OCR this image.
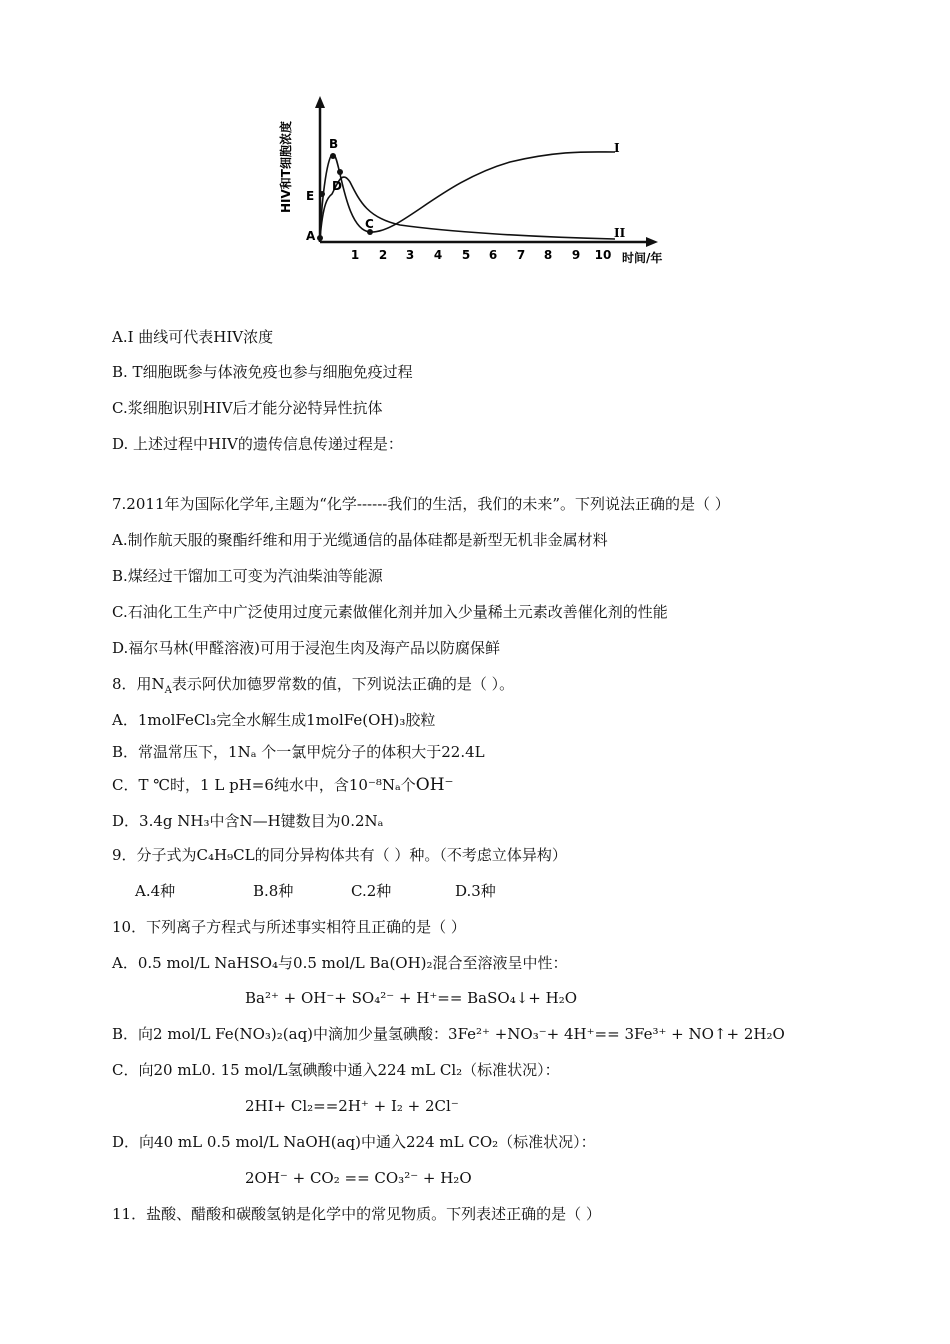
HIV和T细胞浓度
1 2 3 4 5 6 7 8 9 10 时间/年
A
B
C
D
E
I
II
A.Ⅰ 曲线可代表HIV浓度
B. T细胞既参与体液免疫也参与细胞免疫过程
C.浆细胞识别HIV后才能分泌特异性抗体
D. 上述过程中HIV的遗传信息传递过程是：
7.2011年为国际化学年,主题为“化学------我们的生活，我们的未来”。下列说法正确的是（ ）
A.制作航天服的聚酯纤维和用于光缆通信的晶体硅都是新型无机非金属材料
B.煤经过干馏加工可变为汽油柴油等能源
C.石油化工生产中广泛使用过度元素做催化剂并加入少量稀土元素改善催化剂的性能
D.福尔马林(甲醛溶液)可用于浸泡生肉及海产品以防腐保鲜
8．用$N_A$表示阿伏加德罗常数的值，下列说法正确的是（ ）。
A．1molFeCl₃完全水解生成1molFe(OH)₃胶粒
B．常温常压下，1Nₐ 个一氯甲烷分子的体积大于22.4L
C．T ℃时，1 L pH=6纯水中，含10⁻⁸Nₐ个OH⁻
D．3.4g NH₃中含N—H键数目为0.2Nₐ
9．分子式为C₄H₉CL的同分异构体共有（ ）种。（不考虑立体异构）
A.4种	B.8种	C.2种	D.3种
10．下列离子方程式与所述事实相符且正确的是（ ）
A．0.5 mol/L NaHSO₄与0.5 mol/L Ba(OH)₂混合至溶液呈中性：
Ba²⁺ + OH⁻+ SO₄²⁻ + H⁺== BaSO₄↓+ H₂O
B．向2 mol/L Fe(NO₃)₂(aq)中滴加少量氢碘酸：3Fe²⁺ +NO₃⁻+ 4H⁺== 3Fe³⁺ + NO↑+ 2H₂O
C．向20 mL0. 15 mol/L氢碘酸中通入224 mL Cl₂（标准状况）：
2HI+ Cl₂==2H⁺ + I₂ + 2Cl⁻
D．向40 mL 0.5 mol/L NaOH(aq)中通入224 mL CO₂（标准状况）：
2OH⁻ + CO₂ == CO₃²⁻ + H₂O
11．盐酸、醋酸和碳酸氢钠是化学中的常见物质。下列表述正确的是（ ）
